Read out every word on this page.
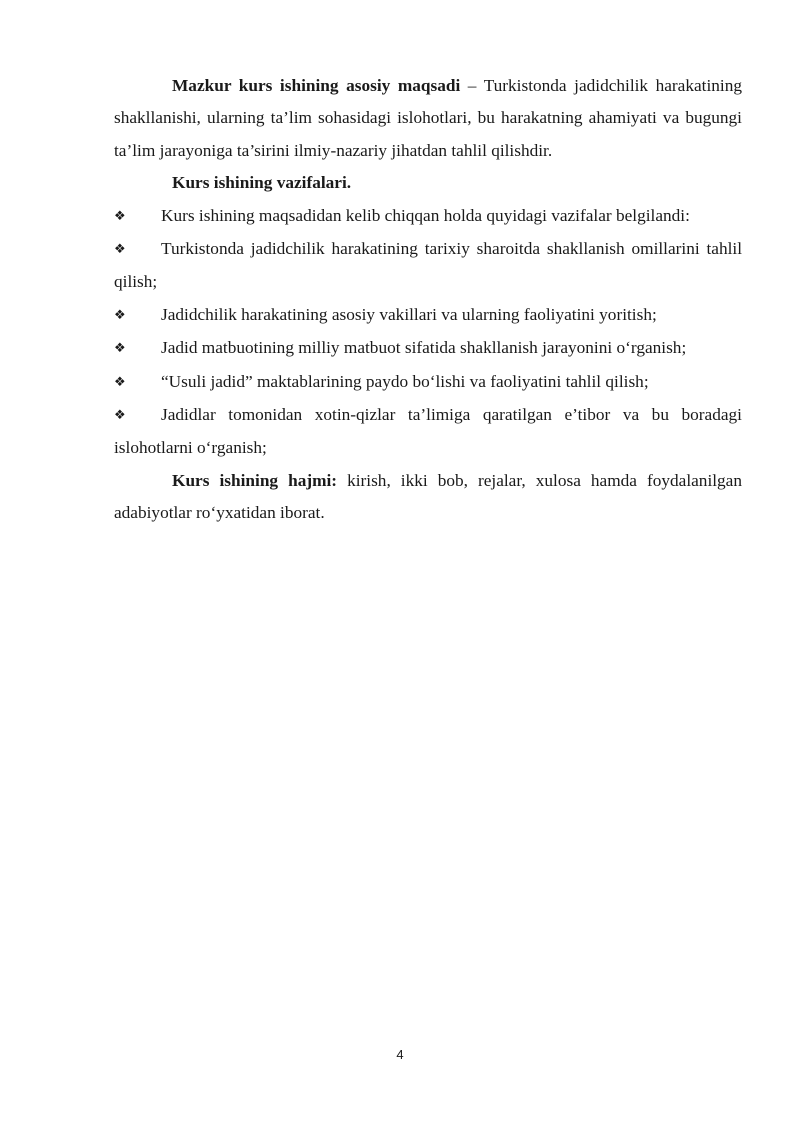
Mazkur kurs ishining asosiy maqsadi – Turkistonda jadidchilik harakatining shakllanishi, ularning ta’lim sohasidagi islohotlari, bu harakatning ahamiyati va bugungi ta’lim jarayoniga ta’sirini ilmiy-nazariy jihatdan tahlil qilishdir.

Kurs ishining vazifalari.

❖ Kurs ishining maqsadidan kelib chiqqan holda quyidagi vazifalar belgilandi:

❖ Turkistonda jadidchilik harakatining tarixiy sharoitda shakllanish omillarini tahlil qilish;

❖ Jadidchilik harakatining asosiy vakillari va ularning faoliyatini yoritish;

❖ Jadid matbuotining milliy matbuot sifatida shakllanish jarayonini o‘rganish;

❖ “Usuli jadid” maktablarining paydo bo‘lishi va faoliyatini tahlil qilish;

❖ Jadidlar tomonidan xotin-qizlar ta’limiga qaratilgan e’tibor va bu boradagi islohotlarni o‘rganish;

Kurs ishining hajmi: kirish, ikki bob, rejalar, xulosa hamda foydalanilgan adabiyotlar ro‘yxatidan iborat.

4
